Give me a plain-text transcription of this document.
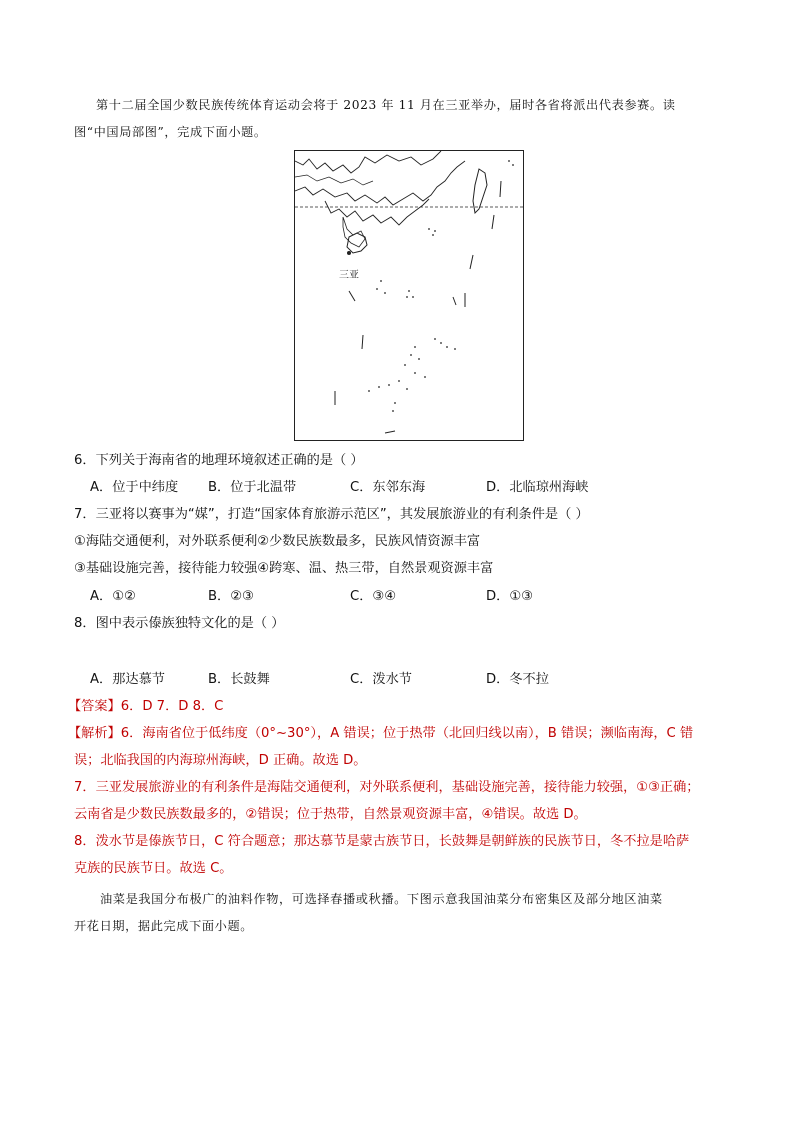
第十二届全国少数民族传统体育运动会将于 2023 年 11 月在三亚举办，届时各省将派出代表参赛。读
图“中国局部图”，完成下面小题。
三亚
6．下列关于海南省的地理环境叙述正确的是（ ）
A．位于中纬度 B．位于北温带	C．东邻东海	D．北临琼州海峡
7．三亚将以赛事为“媒”，打造“国家体育旅游示范区”，其发展旅游业的有利条件是（ ）
①海陆交通便利，对外联系便利②少数民族数最多，民族风情资源丰富
③基础设施完善，接待能力较强④跨寒、温、热三带，自然景观资源丰富
A．①②	B．②③	C．③④	D．①③
8．图中表示傣族独特文化的是（ ）
A．那达慕节	B．长鼓舞	C．泼水节	D．冬不拉
【答案】6．D 7．D 8．C
【解析】6．海南省位于低纬度（0°~30°），A 错误；位于热带（北回归线以南），B 错误；濒临南海，C 错
误；北临我国的内海琼州海峡，D 正确。故选 D。
7．三亚发展旅游业的有利条件是海陆交通便利，对外联系便利，基础设施完善，接待能力较强，①③正确；
云南省是少数民族数最多的，②错误；位于热带，自然景观资源丰富，④错误。故选 D。
8．泼水节是傣族节日，C 符合题意；那达慕节是蒙古族节日，长鼓舞是朝鲜族的民族节日，冬不拉是哈萨
克族的民族节日。故选 C。
油菜是我国分布极广的油料作物，可选择春播或秋播。下图示意我国油菜分布密集区及部分地区油菜
开花日期，据此完成下面小题。
